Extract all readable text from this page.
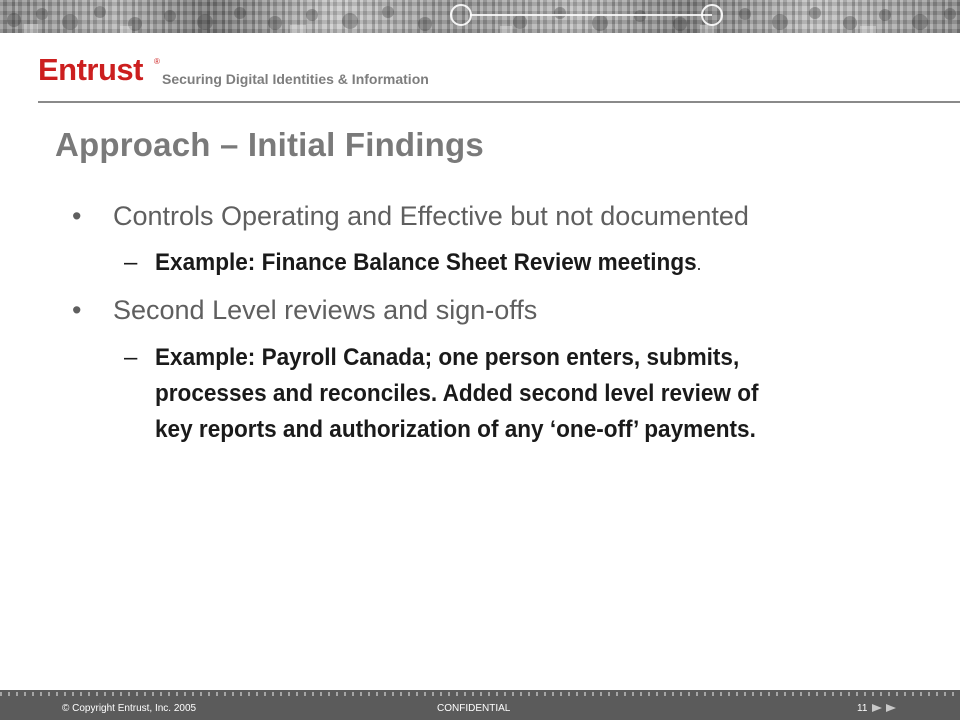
Entrust ®
Securing Digital Identities & Information
Approach – Initial Findings
• Controls Operating and Effective but not documented
– Example: Finance Balance Sheet Review meetings.
• Second Level reviews and sign-offs
– Example: Payroll Canada; one person enters, submits,
processes and reconciles. Added second level review of
key reports and authorization of any ‘one-off’ payments.
© Copyright Entrust, Inc. 2005	CONFIDENTIAL	11
